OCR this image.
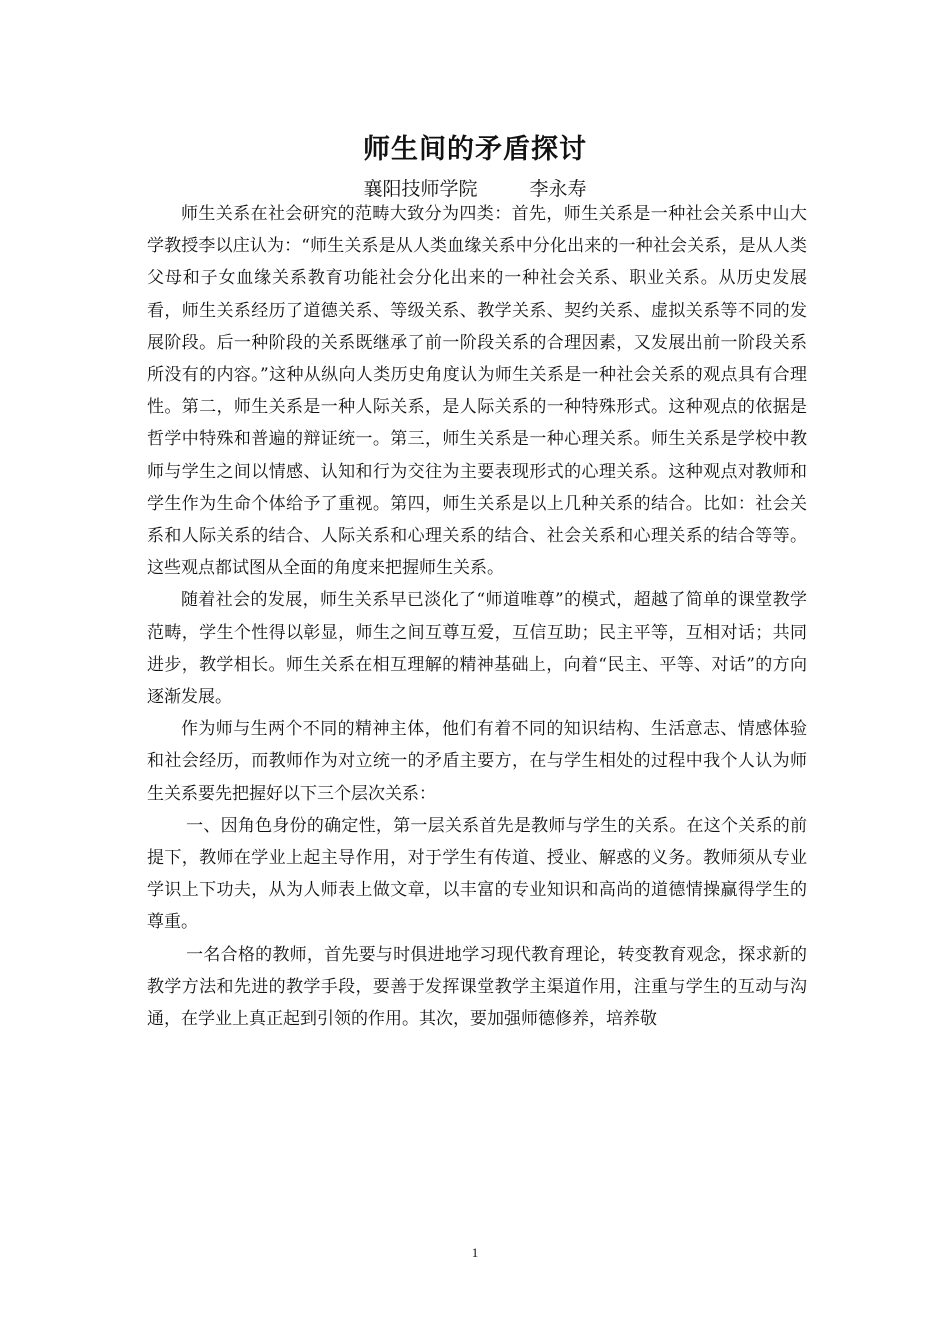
师生间的矛盾探讨
襄阳技师学院	李永寿

师生关系在社会研究的范畴大致分为四类：首先，师生关系是一种社会关系中山大学教授李以庄认为：“师生关系是从人类血缘关系中分化出来的一种社会关系，是从人类父母和子女血缘关系教育功能社会分化出来的一种社会关系、职业关系。从历史发展看，师生关系经历了道德关系、等级关系、教学关系、契约关系、虚拟关系等不同的发展阶段。后一种阶段的关系既继承了前一阶段关系的合理因素，又发展出前一阶段关系所没有的内容。”这种从纵向人类历史角度认为师生关系是一种社会关系的观点具有合理性。第二，师生关系是一种人际关系，是人际关系的一种特殊形式。这种观点的依据是哲学中特殊和普遍的辩证统一。第三，师生关系是一种心理关系。师生关系是学校中教师与学生之间以情感、认知和行为交往为主要表现形式的心理关系。这种观点对教师和学生作为生命个体给予了重视。第四，师生关系是以上几种关系的结合。比如：社会关系和人际关系的结合、人际关系和心理关系的结合、社会关系和心理关系的结合等等。这些观点都试图从全面的角度来把握师生关系。

随着社会的发展，师生关系早已淡化了“师道唯尊”的模式，超越了简单的课堂教学范畴，学生个性得以彰显，师生之间互尊互爱，互信互助；民主平等，互相对话；共同进步，教学相长。师生关系在相互理解的精神基础上，向着“民主、平等、对话”的方向逐渐发展。

作为师与生两个不同的精神主体，他们有着不同的知识结构、生活意志、情感体验和社会经历，而教师作为对立统一的矛盾主要方，在与学生相处的过程中我个人认为师生关系要先把握好以下三个层次关系：

一、因角色身份的确定性，第一层关系首先是教师与学生的关系。在这个关系的前提下，教师在学业上起主导作用，对于学生有传道、授业、解惑的义务。教师须从专业学识上下功夫，从为人师表上做文章，以丰富的专业知识和高尚的道德情操赢得学生的尊重。

一名合格的教师，首先要与时俱进地学习现代教育理论，转变教育观念，探求新的教学方法和先进的教学手段，要善于发挥课堂教学主渠道作用，注重与学生的互动与沟通，在学业上真正起到引领的作用。其次，要加强师德修养，培养敬

1
